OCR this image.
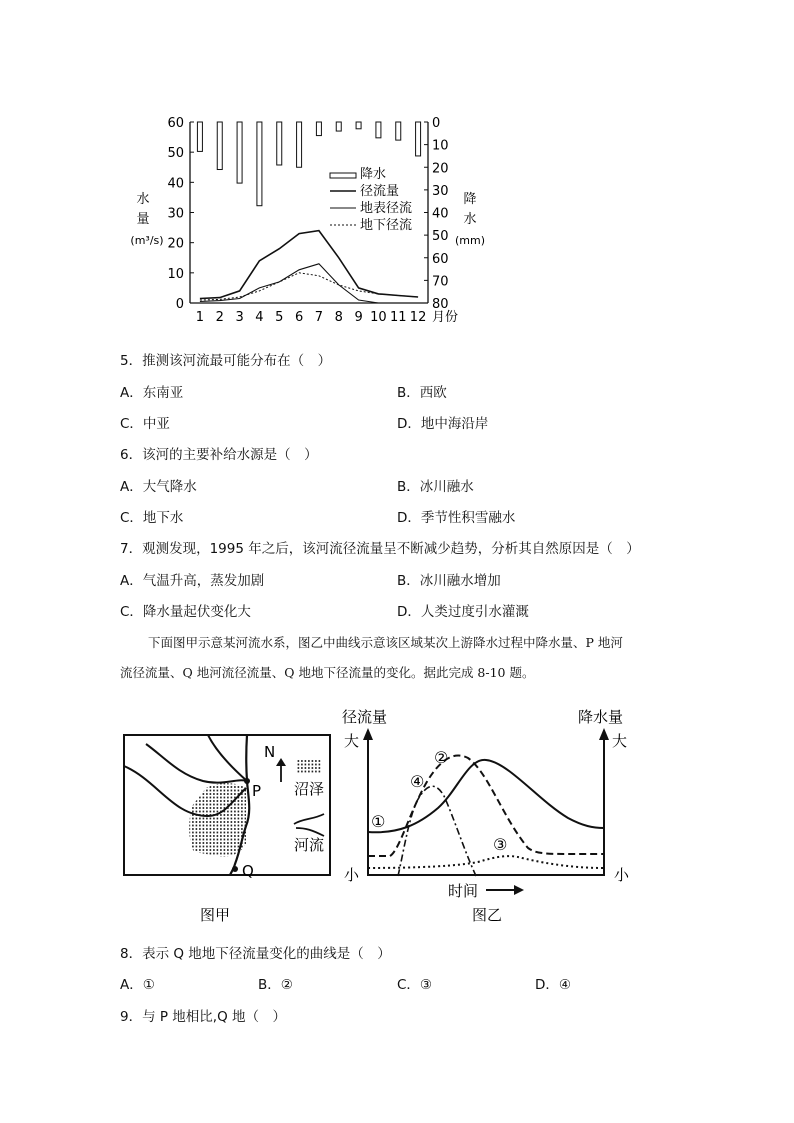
0
10
20
30
40
50
60	0
10
20
30
40
50
60
70
80
1 2 3 4 5 6 7 8 9 10 11 12 月份
水
量
(m³/s)
降
水
(mm)
降水
径流量
地表径流
地下径流
5．推测该河流最可能分布在（　）
A．东南亚	B．西欧
C．中亚	D．地中海沿岸
6．该河的主要补给水源是（　）
A．大气降水	B．冰川融水
C．地下水	D．季节性积雪融水
7．观测发现，1995 年之后，该河流径流量呈不断减少趋势，分析其自然原因是（　）
A．气温升高，蒸发加剧	B．冰川融水增加
C．降水量起伏变化大	D．人类过度引水灌溉
下面图甲示意某河流水系，图乙中曲线示意该区域某次上游降水过程中降水量、P 地河
流径流量、Q 地河流径流量、Q 地地下径流量的变化。据此完成 8-10 题。
P
Q
N
图甲
沼泽
河流
径流量	降水量
大	大
小	小
时间
①
②
③
④
图乙
8．表示 Q 地地下径流量变化的曲线是（　）
A．①	B．②	C．③	D．④
9．与 P 地相比,Q 地（　）
